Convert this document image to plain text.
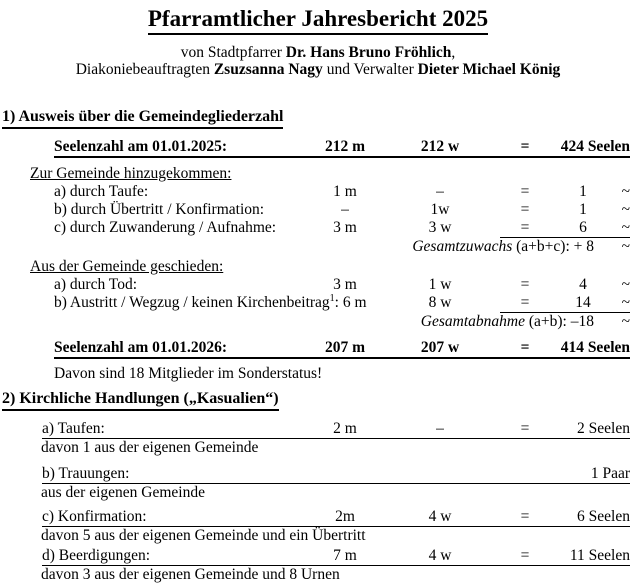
Pfarramtlicher Jahresbericht 2025
von Stadtpfarrer Dr. Hans Bruno Fröhlich,
Diakoniebeauftragten Zsuzsanna Nagy und Verwalter Dieter Michael König
1) Ausweis über die Gemeindegliederzahl
Seelenzahl am 01.01.2025:	212 m	212 w	=	424 Seelen
Zur Gemeinde hinzugekommen:
a) durch Taufe:	1 m	–	=	1	~
b) durch Übertritt / Konfirmation:	–	1w	=	1	~
c) durch Zuwanderung / Aufnahme:	3 m	3 w	=	6	~
Gesamtzuwachs (a+b+c): + 8	~
Aus der Gemeinde geschieden:
a) durch Tod:	3 m	1 w	=	4	~
b) Austritt / Wegzug / keinen Kirchenbeitrag$^1$: 6 m	8 w	=	14	~
Gesamtabnahme (a+b): –18	~
Seelenzahl am 01.01.2026:	207 m	207 w	=	414 Seelen
Davon sind 18 Mitglieder im Sonderstatus!
2) Kirchliche Handlungen („Kasualien“)
a) Taufen:	2 m	–	=	2 Seelen
davon 1 aus der eigenen Gemeinde
b) Trauungen:	1 Paar
aus der eigenen Gemeinde
c) Konfirmation:	2m	4 w	=	6 Seelen
davon 5 aus der eigenen Gemeinde und ein Übertritt
d) Beerdigungen:	7 m	4 w	=	11 Seelen
davon 3 aus der eigenen Gemeinde und 8 Urnen
